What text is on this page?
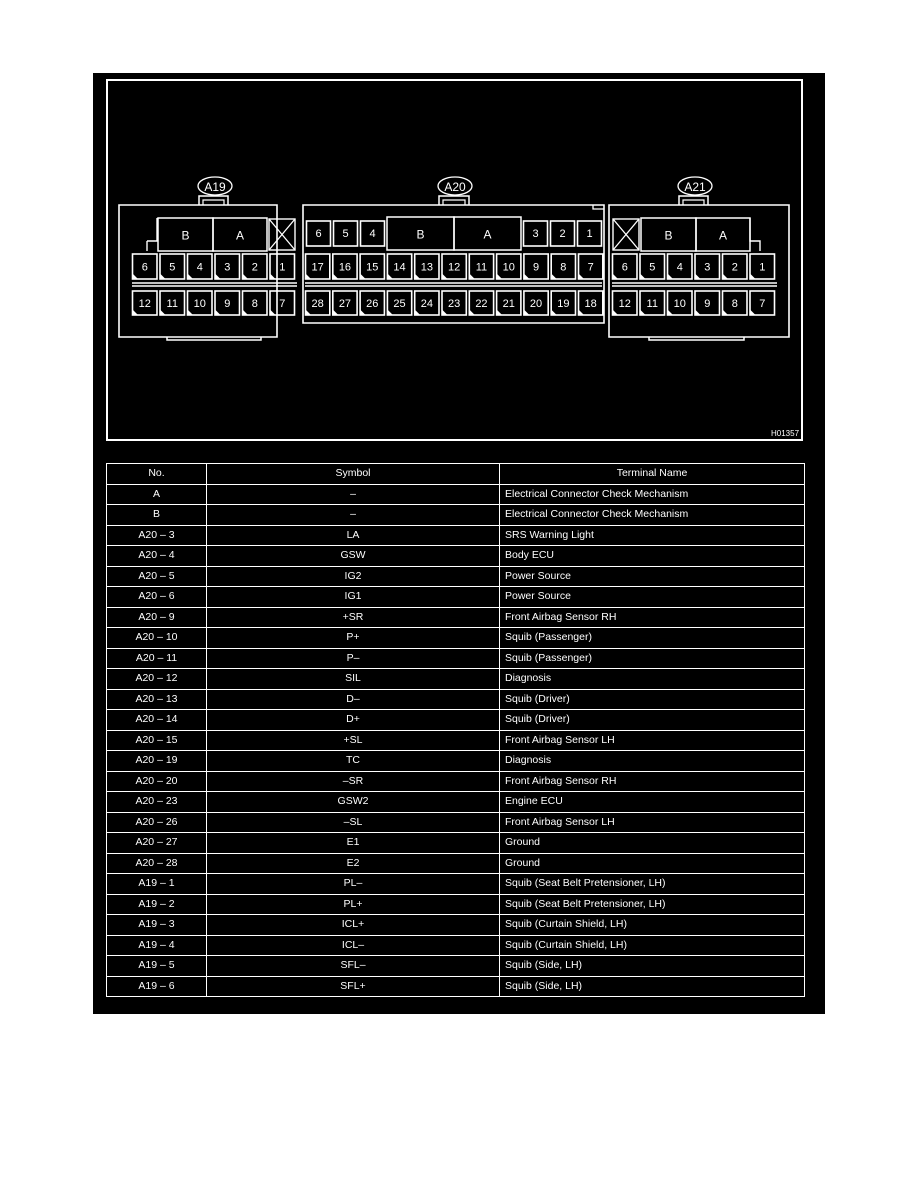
A19
B	A
6 5 4 3 2 1
12 11 10 9 8 7
A20
6 5 4	B	A	3 2 1
17 16 15 14 13 12 11 10 9 8 7
28 27 26 25 24 23 22 21 20 19 18
A21
B	A
6 5 4 3 2 1
12 11 10 9 8 7
H01357
No.	Symbol	Terminal Name
A	–	Electrical Connector Check Mechanism
B	–	Electrical Connector Check Mechanism
A20 – 3	LA	SRS Warning Light
A20 – 4	GSW	Body ECU
A20 – 5	IG2	Power Source
A20 – 6	IG1	Power Source
A20 – 9	+SR	Front Airbag Sensor RH
A20 – 10	P+	Squib (Passenger)
A20 – 11	P–	Squib (Passenger)
A20 – 12	SIL	Diagnosis
A20 – 13	D–	Squib (Driver)
A20 – 14	D+	Squib (Driver)
A20 – 15	+SL	Front Airbag Sensor LH
A20 – 19	TC	Diagnosis
A20 – 20	–SR	Front Airbag Sensor RH
A20 – 23	GSW2	Engine ECU
A20 – 26	–SL	Front Airbag Sensor LH
A20 – 27	E1	Ground
A20 – 28	E2	Ground
A19 – 1	PL–	Squib (Seat Belt Pretensioner, LH)
A19 – 2	PL+	Squib (Seat Belt Pretensioner, LH)
A19 – 3	ICL+	Squib (Curtain Shield, LH)
A19 – 4	ICL–	Squib (Curtain Shield, LH)
A19 – 5	SFL–	Squib (Side, LH)
A19 – 6	SFL+	Squib (Side, LH)
